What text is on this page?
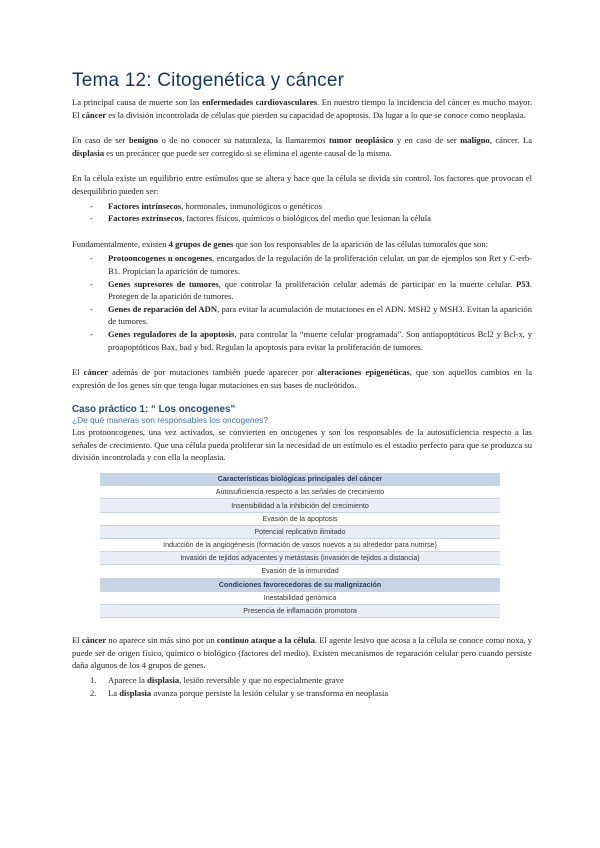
Tema 12: Citogenética y cáncer

La principal causa de muerte son las enfermedades cardiovasculares. En nuestro tiempo la incidencia del cáncer es mucho mayor. El cáncer es la división incontrolada de células que pierden su capacidad de apoptosis. Da lugar a lo que se conoce como neoplasia.

En caso de ser benigno o de no conocer su naturaleza, la llamaremos tumor neoplásico y en caso de ser maligno, cáncer. La displasia es un precáncer que puede ser corregido si se elimina el agente causal de la misma.

En la célula existe un equilibrio entre estímulos que se altera y hace que la célula se divida sin control. los factores que provocan el desequilibrio pueden ser:

- Factores intrínsecos, hormonales, inmunológicos o genéticos
- Factores extrínsecos, factores físicos, químicos o biológicos del medio que lesionan la célula

Fundamentalmente, existen 4 grupos de genes que son los responsables de la aparición de las células tumorales que son:

- Protooncogenes u oncogenes, encargados de la regulación de la proliferación celular. un par de ejemplos son Ret y C-erb-B1. Propician la aparición de tumores.
- Genes supresores de tumores, que controlar la proliferación celular además de participar en la muerte celular. P53. Protegen de la aparición de tumores.
- Genes de reparación del ADN, para evitar la acumulación de mutaciones en el ADN. MSH2 y MSH3. Evitan la aparición de tumores.
- Genes reguladores de la apoptosis, para controlar la “muerte celular programada”. Son antiapoptóticos Bcl2 y Bcl-x, y proapoptóticos Bax, bad y bid. Regulan la apoptosis para evitar la proliferación de tumores.

El cáncer además de por mutaciones también puede aparecer por alteraciones epigenéticas, que son aquellos cambios en la expresión de los genes sin que tenga lugar mutaciones en sus bases de nucleótidos.

Caso práctico 1: “ Los oncogenes”
¿De qué maneras son responsables los oncogenes?

Los protooncogenes, una vez activados, se convierten en oncogenes y son los responsables de la autosuficiencia respecto a las señales de crecimiento. Que una célula pueda proliferar sin la necesidad de un estímulo es el estadio perfecto para que se produzca su división incontrolada y con ella la neoplasia.

Características biológicas principales del cáncer
Autosuficiencia respecto a las señales de crecimiento
Insensibilidad a la inhibición del crecimiento
Evasión de la apoptosis
Potencial replicativo ilimitado
Inducción de la angiogénesis (formación de vasos nuevos a su alrededor para nutrirse)
Invasión de tejidos adyacentes y metástasis (invasión de tejidos a distancia)
Evasión de la inmunidad
Condiciones favorecedoras de su malignización
Inestabilidad genómica
Presencia de inflamación promotora

El cáncer no aparece sin más sino por un continuo ataque a la célula. El agente lesivo que acosa a la célula se conoce como noxa, y puede ser de origen físico, químico o biológico (factores del medio). Existen mecanismos de reparación celular pero cuando persiste daña algunos de los 4 grupos de genes.

1. Aparece la displasia, lesión reversible y que no especialmente grave
2. La displasia avanza porque persiste la lesión celular y se transforma en neoplasia
